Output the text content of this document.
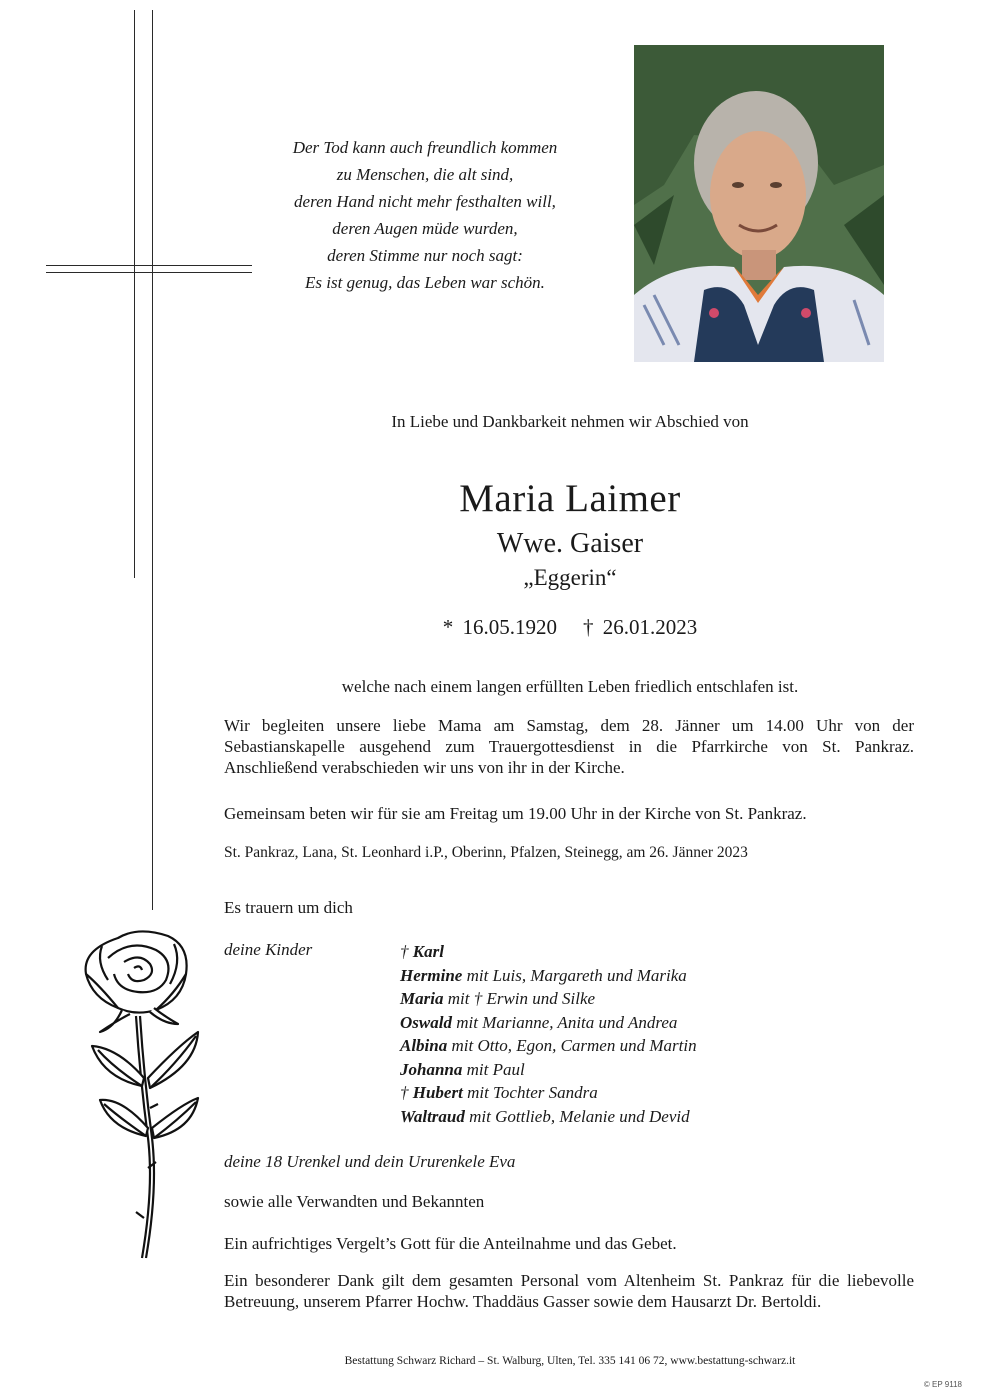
Der Tod kann auch freundlich kommen
zu Menschen, die alt sind,
deren Hand nicht mehr festhalten will,
deren Augen müde wurden,
deren Stimme nur noch sagt:
Es ist genug, das Leben war schön.
In Liebe und Dankbarkeit nehmen wir Abschied von
Maria Laimer
Wwe. Gaiser
„Eggerin“
* 16.05.1920 † 26.01.2023
welche nach einem langen erfüllten Leben friedlich entschlafen ist.
Wir begleiten unsere liebe Mama am Samstag, dem 28. Jänner um 14.00 Uhr von der Sebastianskapelle ausgehend zum Trauergottesdienst in die Pfarrkirche von St. Pankraz. Anschließend verabschieden wir uns von ihr in der Kirche.
Gemeinsam beten wir für sie am Freitag um 19.00 Uhr in der Kirche von St. Pankraz.
St. Pankraz, Lana, St. Leonhard i.P., Oberinn, Pfalzen, Steinegg, am 26. Jänner 2023
Es trauern um dich
deine Kinder	† Karl
Hermine mit Luis, Margareth und Marika
Maria mit † Erwin und Silke
Oswald mit Marianne, Anita und Andrea
Albina mit Otto, Egon, Carmen und Martin
Johanna mit Paul
† Hubert mit Tochter Sandra
Waltraud mit Gottlieb, Melanie und Devid
deine 18 Urenkel und dein Ururenkele Eva
sowie alle Verwandten und Bekannten
Ein aufrichtiges Vergelt’s Gott für die Anteilnahme und das Gebet.
Ein besonderer Dank gilt dem gesamten Personal vom Altenheim St. Pankraz für die liebevolle Betreuung, unserem Pfarrer Hochw. Thaddäus Gasser sowie dem Hausarzt Dr. Bertoldi.
Bestattung Schwarz Richard – St. Walburg, Ulten, Tel. 335 141 06 72, www.bestattung-schwarz.it
© EP 9118
